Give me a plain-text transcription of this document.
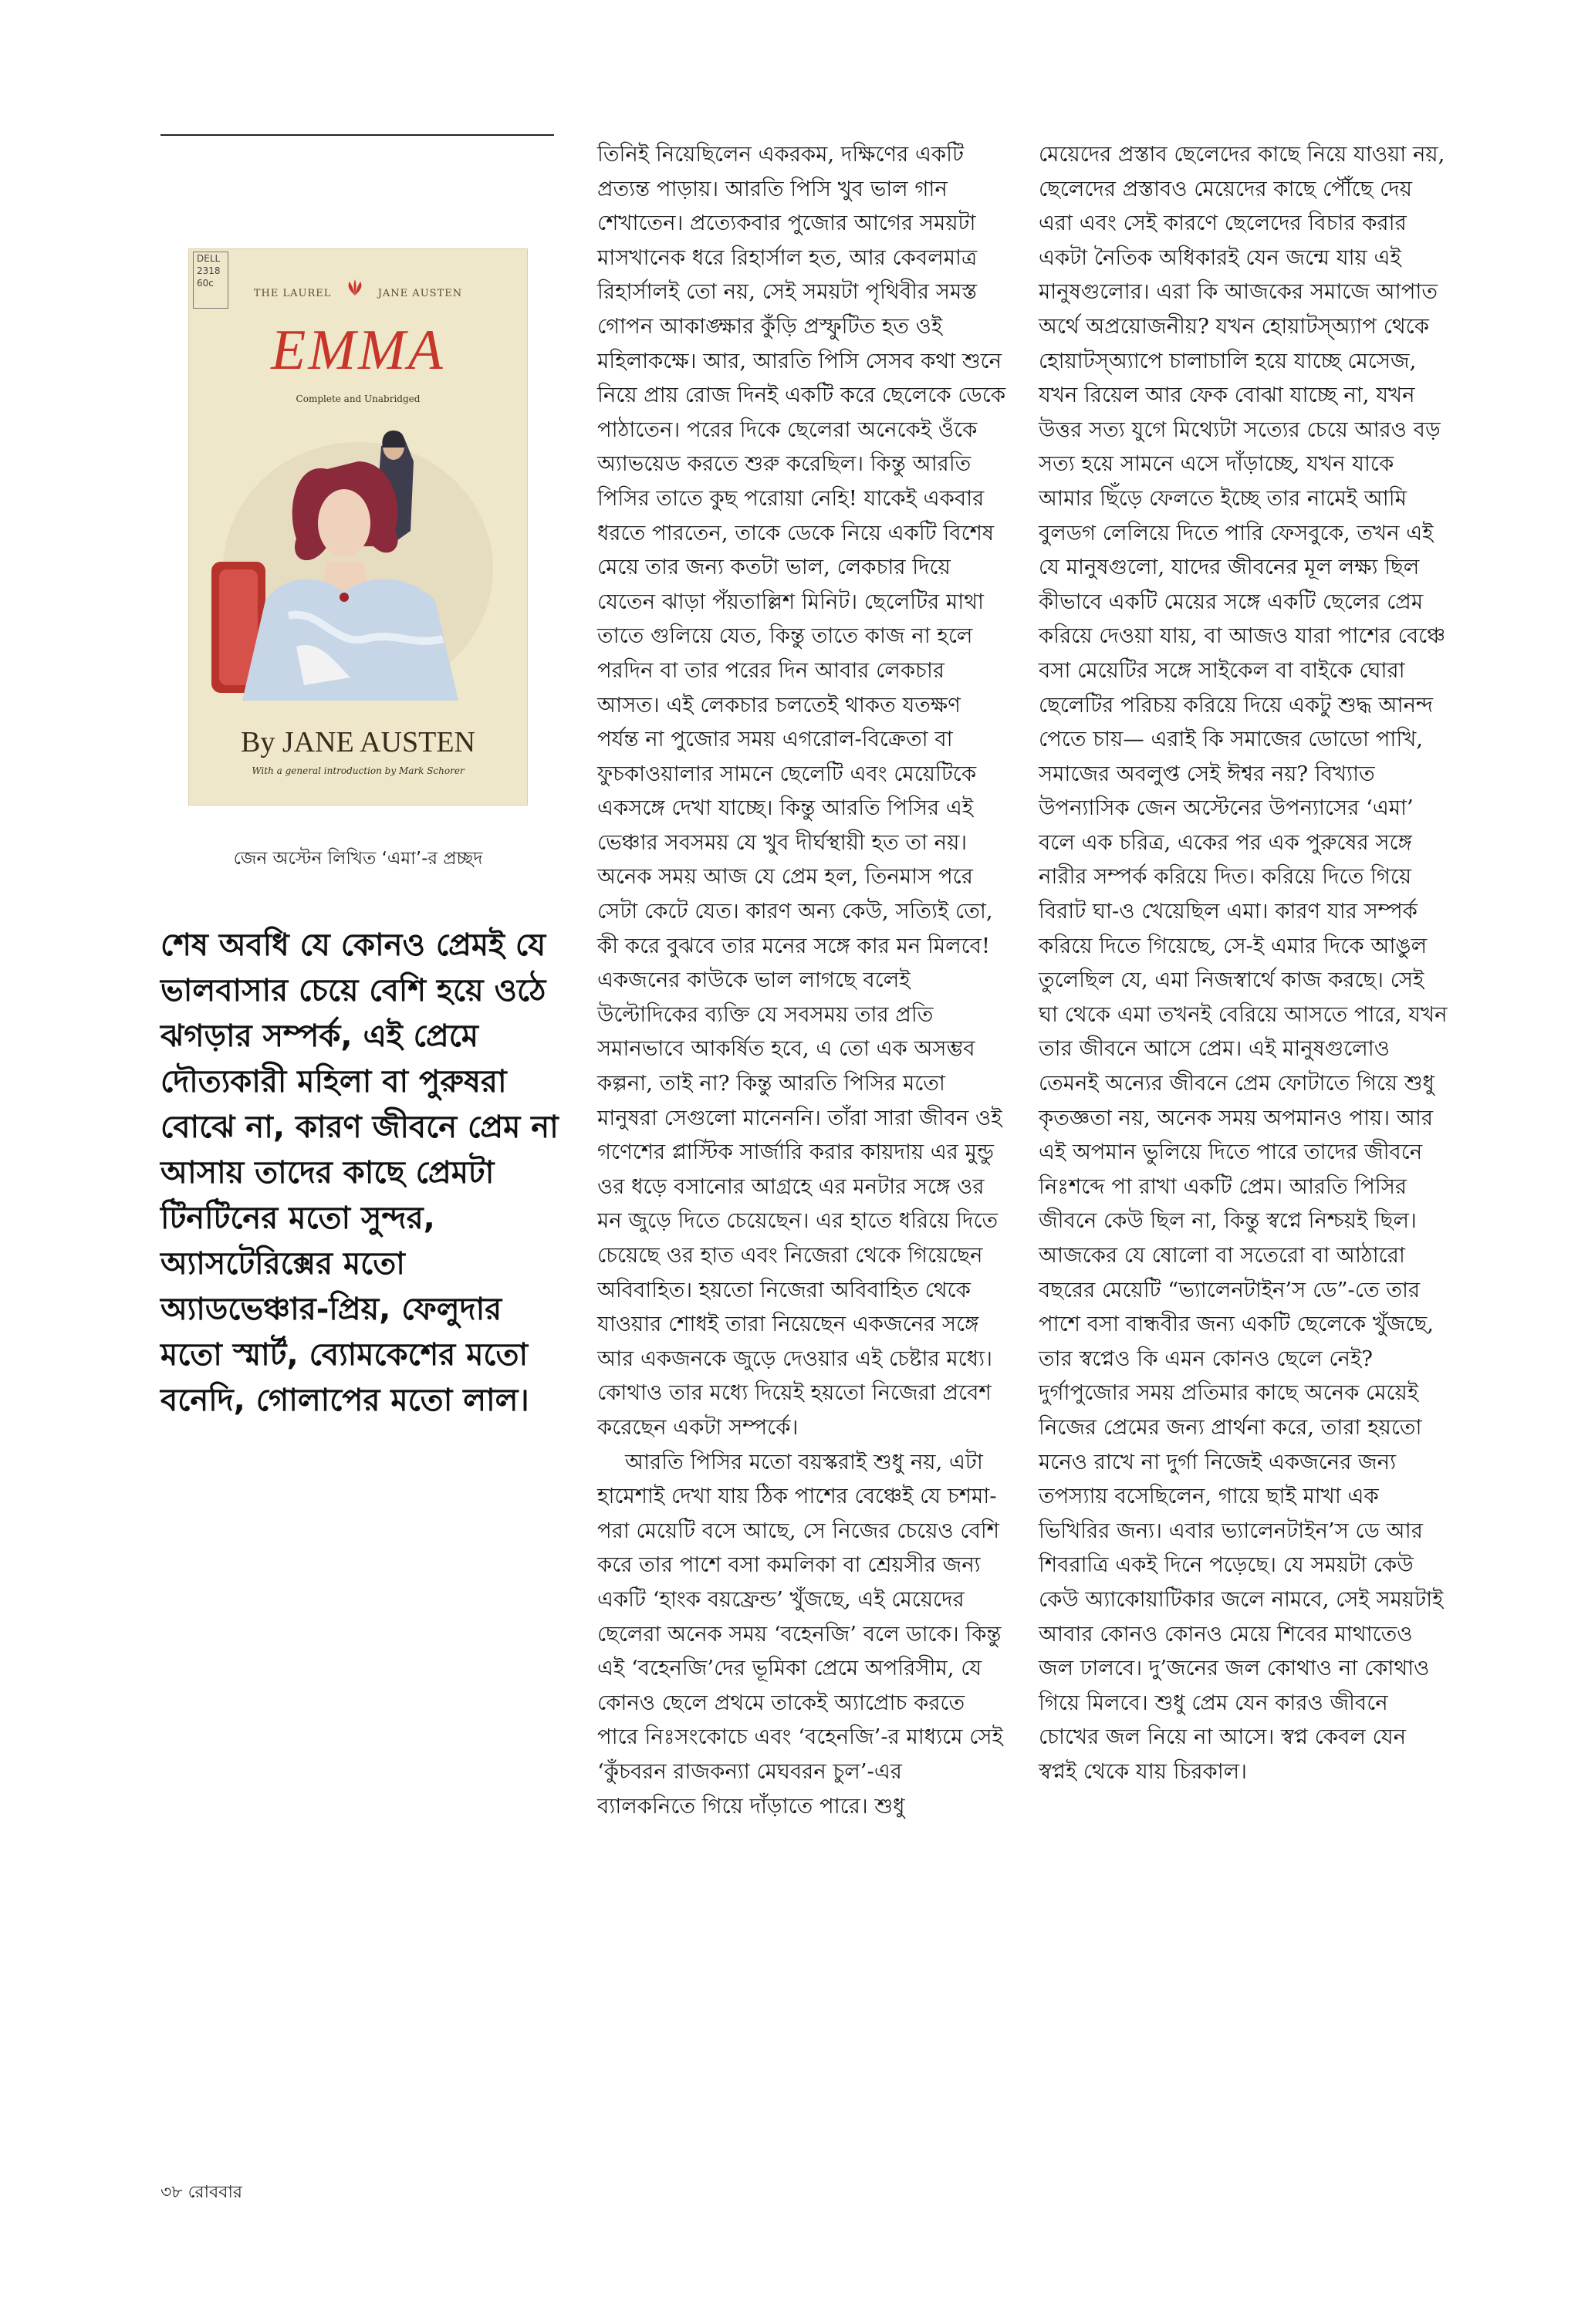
DELL 2318 60c
THE LAUREL	JANE AUSTEN
EMMA
Complete and Unabridged
By JANE AUSTEN
With a general introduction by Mark Schorer
জেন অস্টেন লিখিত ‘এমা’-র প্রচ্ছদ
শেষ অবধি যে কোনও প্রেমই যে ভালবাসার চেয়ে বেশি হয়ে ওঠে ঝগড়ার সম্পর্ক, এই প্রেমে দৌত্যকারী মহিলা বা পুরুষরা বোঝে না, কারণ জীবনে প্রেম না আসায় তাদের কাছে প্রেমটা টিনটিনের মতো সুন্দর, অ্যাসটেরিক্সের মতো অ্যাডভেঞ্চার-প্রিয়, ফেলুদার মতো স্মার্ট, ব্যোমকেশের মতো বনেদি, গোলাপের মতো লাল।

তিনিই নিয়েছিলেন একরকম, দক্ষিণের একটি প্রত্যন্ত পাড়ায়। আরতি পিসি খুব ভাল গান শেখাতেন। প্রত্যেকবার পুজোর আগের সময়টা মাসখানেক ধরে রিহার্সাল হত, আর কেবলমাত্র রিহার্সালই তো নয়, সেই সময়টা পৃথিবীর সমস্ত গোপন আকাঙ্ক্ষার কুঁড়ি প্রস্ফুটিত হত ওই মহিলাকক্ষে। আর, আরতি পিসি সেসব কথা শুনে নিয়ে প্রায় রোজ দিনই একটি করে ছেলেকে ডেকে পাঠাতেন। পরের দিকে ছেলেরা অনেকেই ওঁকে অ্যাভয়েড করতে শুরু করেছিল। কিন্তু আরতি পিসির তাতে কুছ পরোয়া নেহি! যাকেই একবার ধরতে পারতেন, তাকে ডেকে নিয়ে একটি বিশেষ মেয়ে তার জন্য কতটা ভাল, লেকচার দিয়ে যেতেন ঝাড়া পঁয়তাল্লিশ মিনিট। ছেলেটির মাথা তাতে গুলিয়ে যেত, কিন্তু তাতে কাজ না হলে পরদিন বা তার পরের দিন আবার লেকচার আসত। এই লেকচার চলতেই থাকত যতক্ষণ পর্যন্ত না পুজোর সময় এগরোল-বিক্রেতা বা ফুচকাওয়ালার সামনে ছেলেটি এবং মেয়েটিকে একসঙ্গে দেখা যাচ্ছে। কিন্তু আরতি পিসির এই ভেঞ্চার সবসময় যে খুব দীর্ঘস্থায়ী হত তা নয়। অনেক সময় আজ যে প্রেম হল, তিনমাস পরে সেটা কেটে যেত। কারণ অন্য কেউ, সত্যিই তো, কী করে বুঝবে তার মনের সঙ্গে কার মন মিলবে! একজনের কাউকে ভাল লাগছে বলেই উল্টোদিকের ব্যক্তি যে সবসময় তার প্রতি সমানভাবে আকর্ষিত হবে, এ তো এক অসম্ভব কল্পনা, তাই না? কিন্তু আরতি পিসির মতো মানুষরা সেগুলো মানেননি। তাঁরা সারা জীবন ওই গণেশের প্লাস্টিক সার্জারি করার কায়দায় এর মুন্ডু ওর ধড়ে বসানোর আগ্রহে এর মনটার সঙ্গে ওর মন জুড়ে দিতে চেয়েছেন। এর হাতে ধরিয়ে দিতে চেয়েছে ওর হাত এবং নিজেরা থেকে গিয়েছেন অবিবাহিত। হয়তো নিজেরা অবিবাহিত থেকে যাওয়ার শোধই তারা নিয়েছেন একজনের সঙ্গে আর একজনকে জুড়ে দেওয়ার এই চেষ্টার মধ্যে। কোথাও তার মধ্যে দিয়েই হয়তো নিজেরা প্রবেশ করেছেন একটা সম্পর্কে।

আরতি পিসির মতো বয়স্করাই শুধু নয়, এটা হামেশাই দেখা যায় ঠিক পাশের বেঞ্চেই যে চশমা-পরা মেয়েটি বসে আছে, সে নিজের চেয়েও বেশি করে তার পাশে বসা কমলিকা বা শ্রেয়সীর জন্য একটি ‘হাংক বয়ফ্রেন্ড’ খুঁজছে, এই মেয়েদের ছেলেরা অনেক সময় ‘বহেনজি’ বলে ডাকে। কিন্তু এই ‘বহেনজি’দের ভূমিকা প্রেমে অপরিসীম, যে কোনও ছেলে প্রথমে তাকেই অ্যাপ্রোচ করতে পারে নিঃসংকোচে এবং ‘বহেনজি’-র মাধ্যমে সেই ‘কুঁচবরন রাজকন্যা মেঘবরন চুল’-এর ব্যালকনিতে গিয়ে দাঁড়াতে পারে। শুধু

মেয়েদের প্রস্তাব ছেলেদের কাছে নিয়ে যাওয়া নয়, ছেলেদের প্রস্তাবও মেয়েদের কাছে পৌঁছে দেয় এরা এবং সেই কারণে ছেলেদের বিচার করার একটা নৈতিক অধিকারই যেন জন্মে যায় এই মানুষগুলোর। এরা কি আজকের সমাজে আপাত অর্থে অপ্রয়োজনীয়? যখন হোয়াটস্অ্যাপ থেকে হোয়াটস্অ্যাপে চালাচালি হয়ে যাচ্ছে মেসেজ, যখন রিয়েল আর ফেক বোঝা যাচ্ছে না, যখন উত্তর সত্য যুগে মিথ্যেটা সত্যের চেয়ে আরও বড় সত্য হয়ে সামনে এসে দাঁড়াচ্ছে, যখন যাকে আমার ছিঁড়ে ফেলতে ইচ্ছে তার নামেই আমি বুলডগ লেলিয়ে দিতে পারি ফেসবুকে, তখন এই যে মানুষগুলো, যাদের জীবনের মূল লক্ষ্য ছিল কীভাবে একটি মেয়ের সঙ্গে একটি ছেলের প্রেম করিয়ে দেওয়া যায়, বা আজও যারা পাশের বেঞ্চে বসা মেয়েটির সঙ্গে সাইকেল বা বাইকে ঘোরা ছেলেটির পরিচয় করিয়ে দিয়ে একটু শুদ্ধ আনন্দ পেতে চায়— এরাই কি সমাজের ডোডো পাখি, সমাজের অবলুপ্ত সেই ঈশ্বর নয়? বিখ্যাত উপন্যাসিক জেন অস্টেনের উপন্যাসের ‘এমা’ বলে এক চরিত্র, একের পর এক পুরুষের সঙ্গে নারীর সম্পর্ক করিয়ে দিত। করিয়ে দিতে গিয়ে বিরাট ঘা-ও খেয়েছিল এমা। কারণ যার সম্পর্ক করিয়ে দিতে গিয়েছে, সে-ই এমার দিকে আঙুল তুলেছিল যে, এমা নিজস্বার্থে কাজ করছে। সেই ঘা থেকে এমা তখনই বেরিয়ে আসতে পারে, যখন তার জীবনে আসে প্রেম। এই মানুষগুলোও তেমনই অন্যের জীবনে প্রেম ফোটাতে গিয়ে শুধু কৃতজ্ঞতা নয়, অনেক সময় অপমানও পায়। আর এই অপমান ভুলিয়ে দিতে পারে তাদের জীবনে নিঃশব্দে পা রাখা একটি প্রেম। আরতি পিসির জীবনে কেউ ছিল না, কিন্তু স্বপ্নে নিশ্চয়ই ছিল। আজকের যে ষোলো বা সতেরো বা আঠারো বছরের মেয়েটি “ভ্যালেনটাইন’স ডে”-তে তার পাশে বসা বান্ধবীর জন্য একটি ছেলেকে খুঁজছে, তার স্বপ্নেও কি এমন কোনও ছেলে নেই? দুর্গাপুজোর সময় প্রতিমার কাছে অনেক মেয়েই নিজের প্রেমের জন্য প্রার্থনা করে, তারা হয়তো মনেও রাখে না দুর্গা নিজেই একজনের জন্য তপস্যায় বসেছিলেন, গায়ে ছাই মাখা এক ভিখিরির জন্য। এবার ভ্যালেনটাইন’স ডে আর শিবরাত্রি একই দিনে পড়েছে। যে সময়টা কেউ কেউ অ্যাকোয়াটিকার জলে নামবে, সেই সময়টাই আবার কোনও কোনও মেয়ে শিবের মাথাতেও জল ঢালবে। দু’জনের জল কোথাও না কোথাও গিয়ে মিলবে। শুধু প্রেম যেন কারও জীবনে চোখের জল নিয়ে না আসে। স্বপ্ন কেবল যেন স্বপ্নই থেকে যায় চিরকাল।

৩৮ রোববার
